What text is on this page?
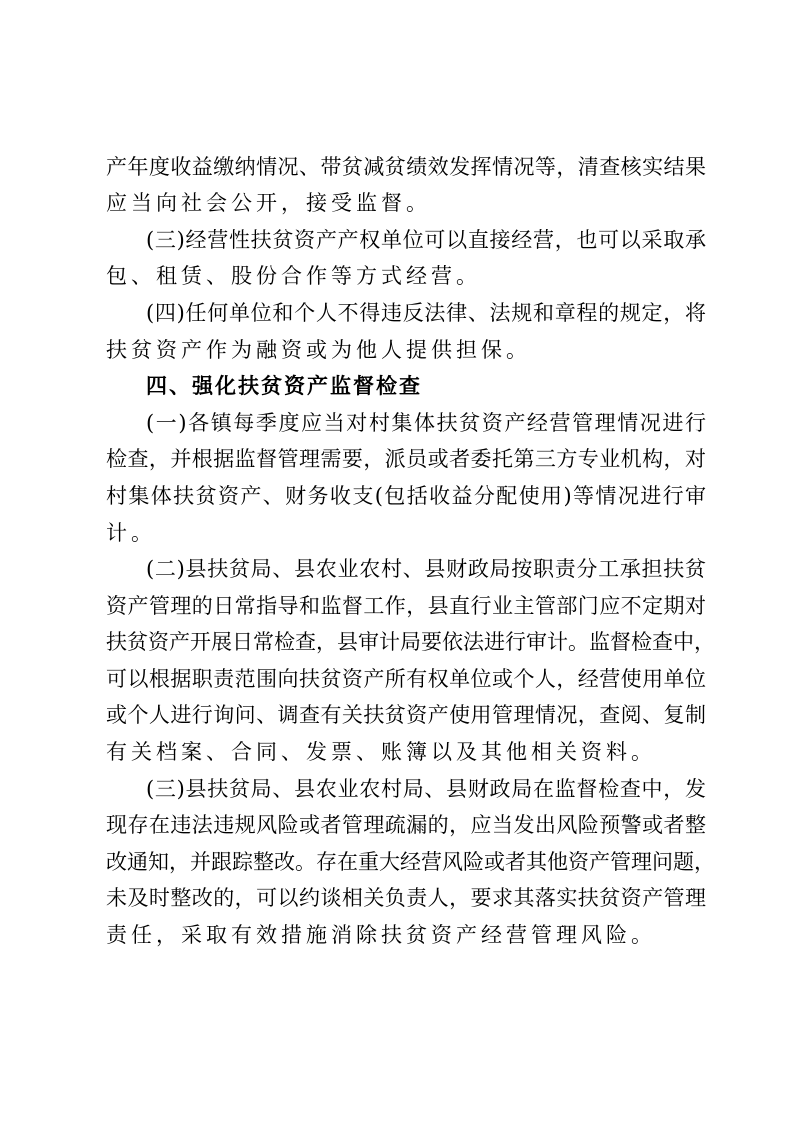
产年度收益缴纳情况、带贫减贫绩效发挥情况等，清查核实结果
应当向社会公开，接受监督。
(三)经营性扶贫资产产权单位可以直接经营，也可以采取承
包、租赁、股份合作等方式经营。
(四)任何单位和个人不得违反法律、法规和章程的规定，将
扶贫资产作为融资或为他人提供担保。
四、强化扶贫资产监督检查
(一)各镇每季度应当对村集体扶贫资产经营管理情况进行
检查，并根据监督管理需要，派员或者委托第三方专业机构，对
村集体扶贫资产、财务收支(包括收益分配使用)等情况进行审
计。
(二)县扶贫局、县农业农村、县财政局按职责分工承担扶贫
资产管理的日常指导和监督工作，县直行业主管部门应不定期对
扶贫资产开展日常检查，县审计局要依法进行审计。监督检查中，
可以根据职责范围向扶贫资产所有权单位或个人，经营使用单位
或个人进行询问、调查有关扶贫资产使用管理情况，查阅、复制
有关档案、合同、发票、账簿以及其他相关资料。
(三)县扶贫局、县农业农村局、县财政局在监督检查中，发
现存在违法违规风险或者管理疏漏的，应当发出风险预警或者整
改通知，并跟踪整改。存在重大经营风险或者其他资产管理问题，
未及时整改的，可以约谈相关负责人，要求其落实扶贫资产管理
责任，采取有效措施消除扶贫资产经营管理风险。
